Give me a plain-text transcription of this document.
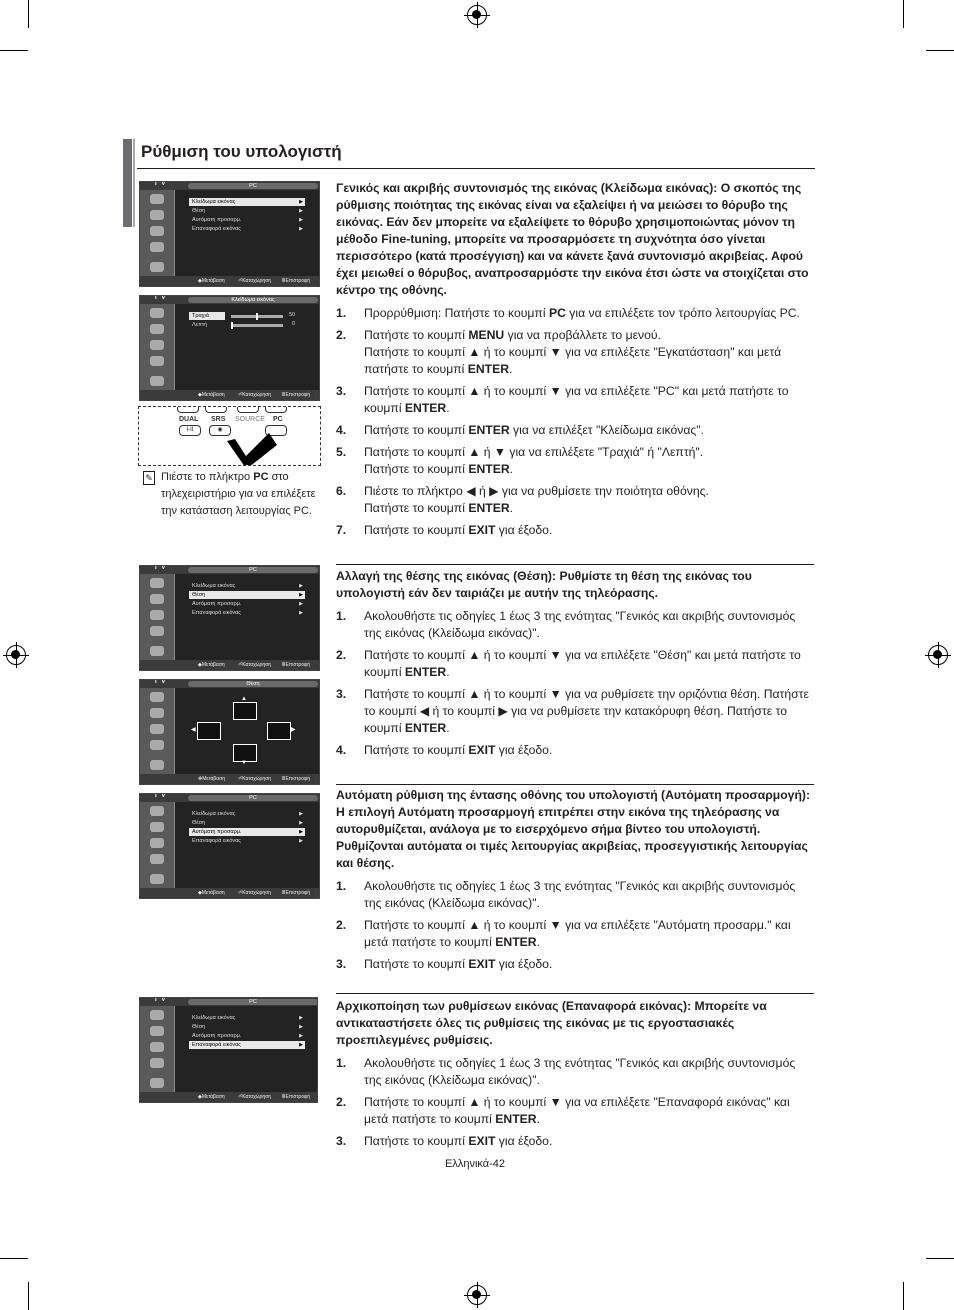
Ρύθμιση του υπολογιστή
T V	PC
Κλείδωμα εικόνας	▶
Θέση	▶
Αυτόματη προσαρμ.	▶
Επαναφορά εικόνας	▶
◆Μετάβαση	⏎Καταχώρηση ⅢΕπιστροφή
T V	Κλείδωμα εικόνας
Τραχιά	50
Λεπτή	0
◆Μετάβαση	⏎Καταχώρηση ⅢΕπιστροφή
DUAL SRS SOURCE PC
I-II	◉
✎ Πιέστε το πλήκτρο PC στο τηλεχειριστήριο για να επιλέξετε την κατάσταση λειτουργίας PC.
T V	PC
Κλείδωμα εικόνας	▶
Θέση	▶
Αυτόματη προσαρμ.	▶
Επαναφορά εικόνας	▶
◆Μετάβαση	⏎Καταχώρηση ⅢΕπιστροφή
T V	Θέση
▲
◀	▶
▼
✥Μετάβαση	⏎Καταχώρηση ⅢΕπιστροφή
T V	PC
Κλείδωμα εικόνας	▶
Θέση	▶
Αυτόματη προσαρμ.	▶
Επαναφορά εικόνας	▶
◆Μετάβαση	⏎Καταχώρηση ⅢΕπιστροφή
T V	PC
Κλείδωμα εικόνας	▶
Θέση	▶
Αυτόματη προσαρμ.	▶
Επαναφορά εικόνας	▶
◆Μετάβαση	⏎Καταχώρηση ⅢΕπιστροφή
Γενικός και ακριβής συντονισμός της εικόνας (Κλείδωμα εικόνας): Ο σκοπός της ρύθμισης ποιότητας της εικόνας είναι να εξαλείψει ή να μειώσει το θόρυβο της εικόνας. Εάν δεν μπορείτε να εξαλείψετε το θόρυβο χρησιμοποιώντας μόνον τη μέθοδο Fine-tuning, μπορείτε να προσαρμόσετε τη συχνότητα όσο γίνεται περισσότερο (κατά προσέγγιση) και να κάνετε ξανά συντονισμό ακριβείας. Αφού έχει μειωθεί ο θόρυβος, αναπροσαρμόστε την εικόνα έτσι ώστε να στοιχίζεται στο κέντρο της οθόνης.
1. Προρρύθμιση: Πατήστε το κουμπί PC για να επιλέξετε τον τρόπο λειτουργίας PC.
2. Πατήστε το κουμπί MENU για να προβάλλετε το μενού.
Πατήστε το κουμπί ▲ ή το κουμπί ▼ για να επιλέξετε "Εγκατάσταση" και μετά πατήστε το κουμπί ENTER.
3. Πατήστε το κουμπί ▲ ή το κουμπί ▼ για να επιλέξετε "PC" και μετά πατήστε το κουμπί ENTER.
4. Πατήστε το κουμπί ENTER για να επιλέξετ "Κλείδωμα εικόνας".
5. Πατήστε το κουμπί ▲ ή ▼ για να επιλέξετε "Τραχιά" ή "Λεπτή".
Πατήστε το κουμπί ENTER.
6. Πιέστε το πλήκτρο ◀ ή ▶ για να ρυθμίσετε την ποιότητα οθόνης.
Πατήστε το κουμπί ENTER.
7. Πατήστε το κουμπί EXIT για έξοδο.
Αλλαγή της θέσης της εικόνας (Θέση): Ρυθμίστε τη θέση της εικόνας του υπολογιστή εάν δεν ταιριάζει με αυτήν της τηλεόρασης.
1. Ακολουθήστε τις οδηγίες 1 έως 3 της ενότητας "Γενικός και ακριβής συντονισμός της εικόνας (Κλείδωμα εικόνας)".
2. Πατήστε το κουμπί ▲ ή το κουμπί ▼ για να επιλέξετε "Θέση" και μετά πατήστε το κουμπί ENTER.
3. Πατήστε το κουμπί ▲ ή το κουμπί ▼ για να ρυθμίσετε την οριζόντια θέση. Πατήστε το κουμπί ◀ ή το κουμπί ▶ για να ρυθμίσετε την κατακόρυφη θέση. Πατήστε το κουμπί ENTER.
4. Πατήστε το κουμπί EXIT για έξοδο.
Αυτόματη ρύθμιση της έντασης οθόνης του υπολογιστή (Αυτόματη προσαρμογή): Η επιλογή Αυτόματη προσαρμογή επιτρέπει στην εικόνα της τηλεόρασης να αυτορυθμίζεται, ανάλογα με το εισερχόμενο σήμα βίντεο του υπολογιστή. Ρυθμίζονται αυτόματα οι τιμές λειτουργίας ακριβείας, προσεγγιστικής λειτουργίας και θέσης.
1. Ακολουθήστε τις οδηγίες 1 έως 3 της ενότητας "Γενικός και ακριβής συντονισμός της εικόνας (Κλείδωμα εικόνας)".
2. Πατήστε το κουμπί ▲ ή το κουμπί ▼ για να επιλέξετε "Αυτόματη προσαρμ." και μετά πατήστε το κουμπί ENTER.
3. Πατήστε το κουμπί EXIT για έξοδο.
Αρχικοποίηση των ρυθμίσεων εικόνας (Επαναφορά εικόνας): Μπορείτε να αντικαταστήσετε όλες τις ρυθμίσεις της εικόνας με τις εργοστασιακές προεπιλεγμένες ρυθμίσεις.
1. Ακολουθήστε τις οδηγίες 1 έως 3 της ενότητας "Γενικός και ακριβής συντονισμός της εικόνας (Κλείδωμα εικόνας)".
2. Πατήστε το κουμπί ▲ ή το κουμπί ▼ για να επιλέξετε "Επαναφορά εικόνας" και μετά πατήστε το κουμπί ENTER.
3. Πατήστε το κουμπί EXIT για έξοδο.
Ελληνικά-42
